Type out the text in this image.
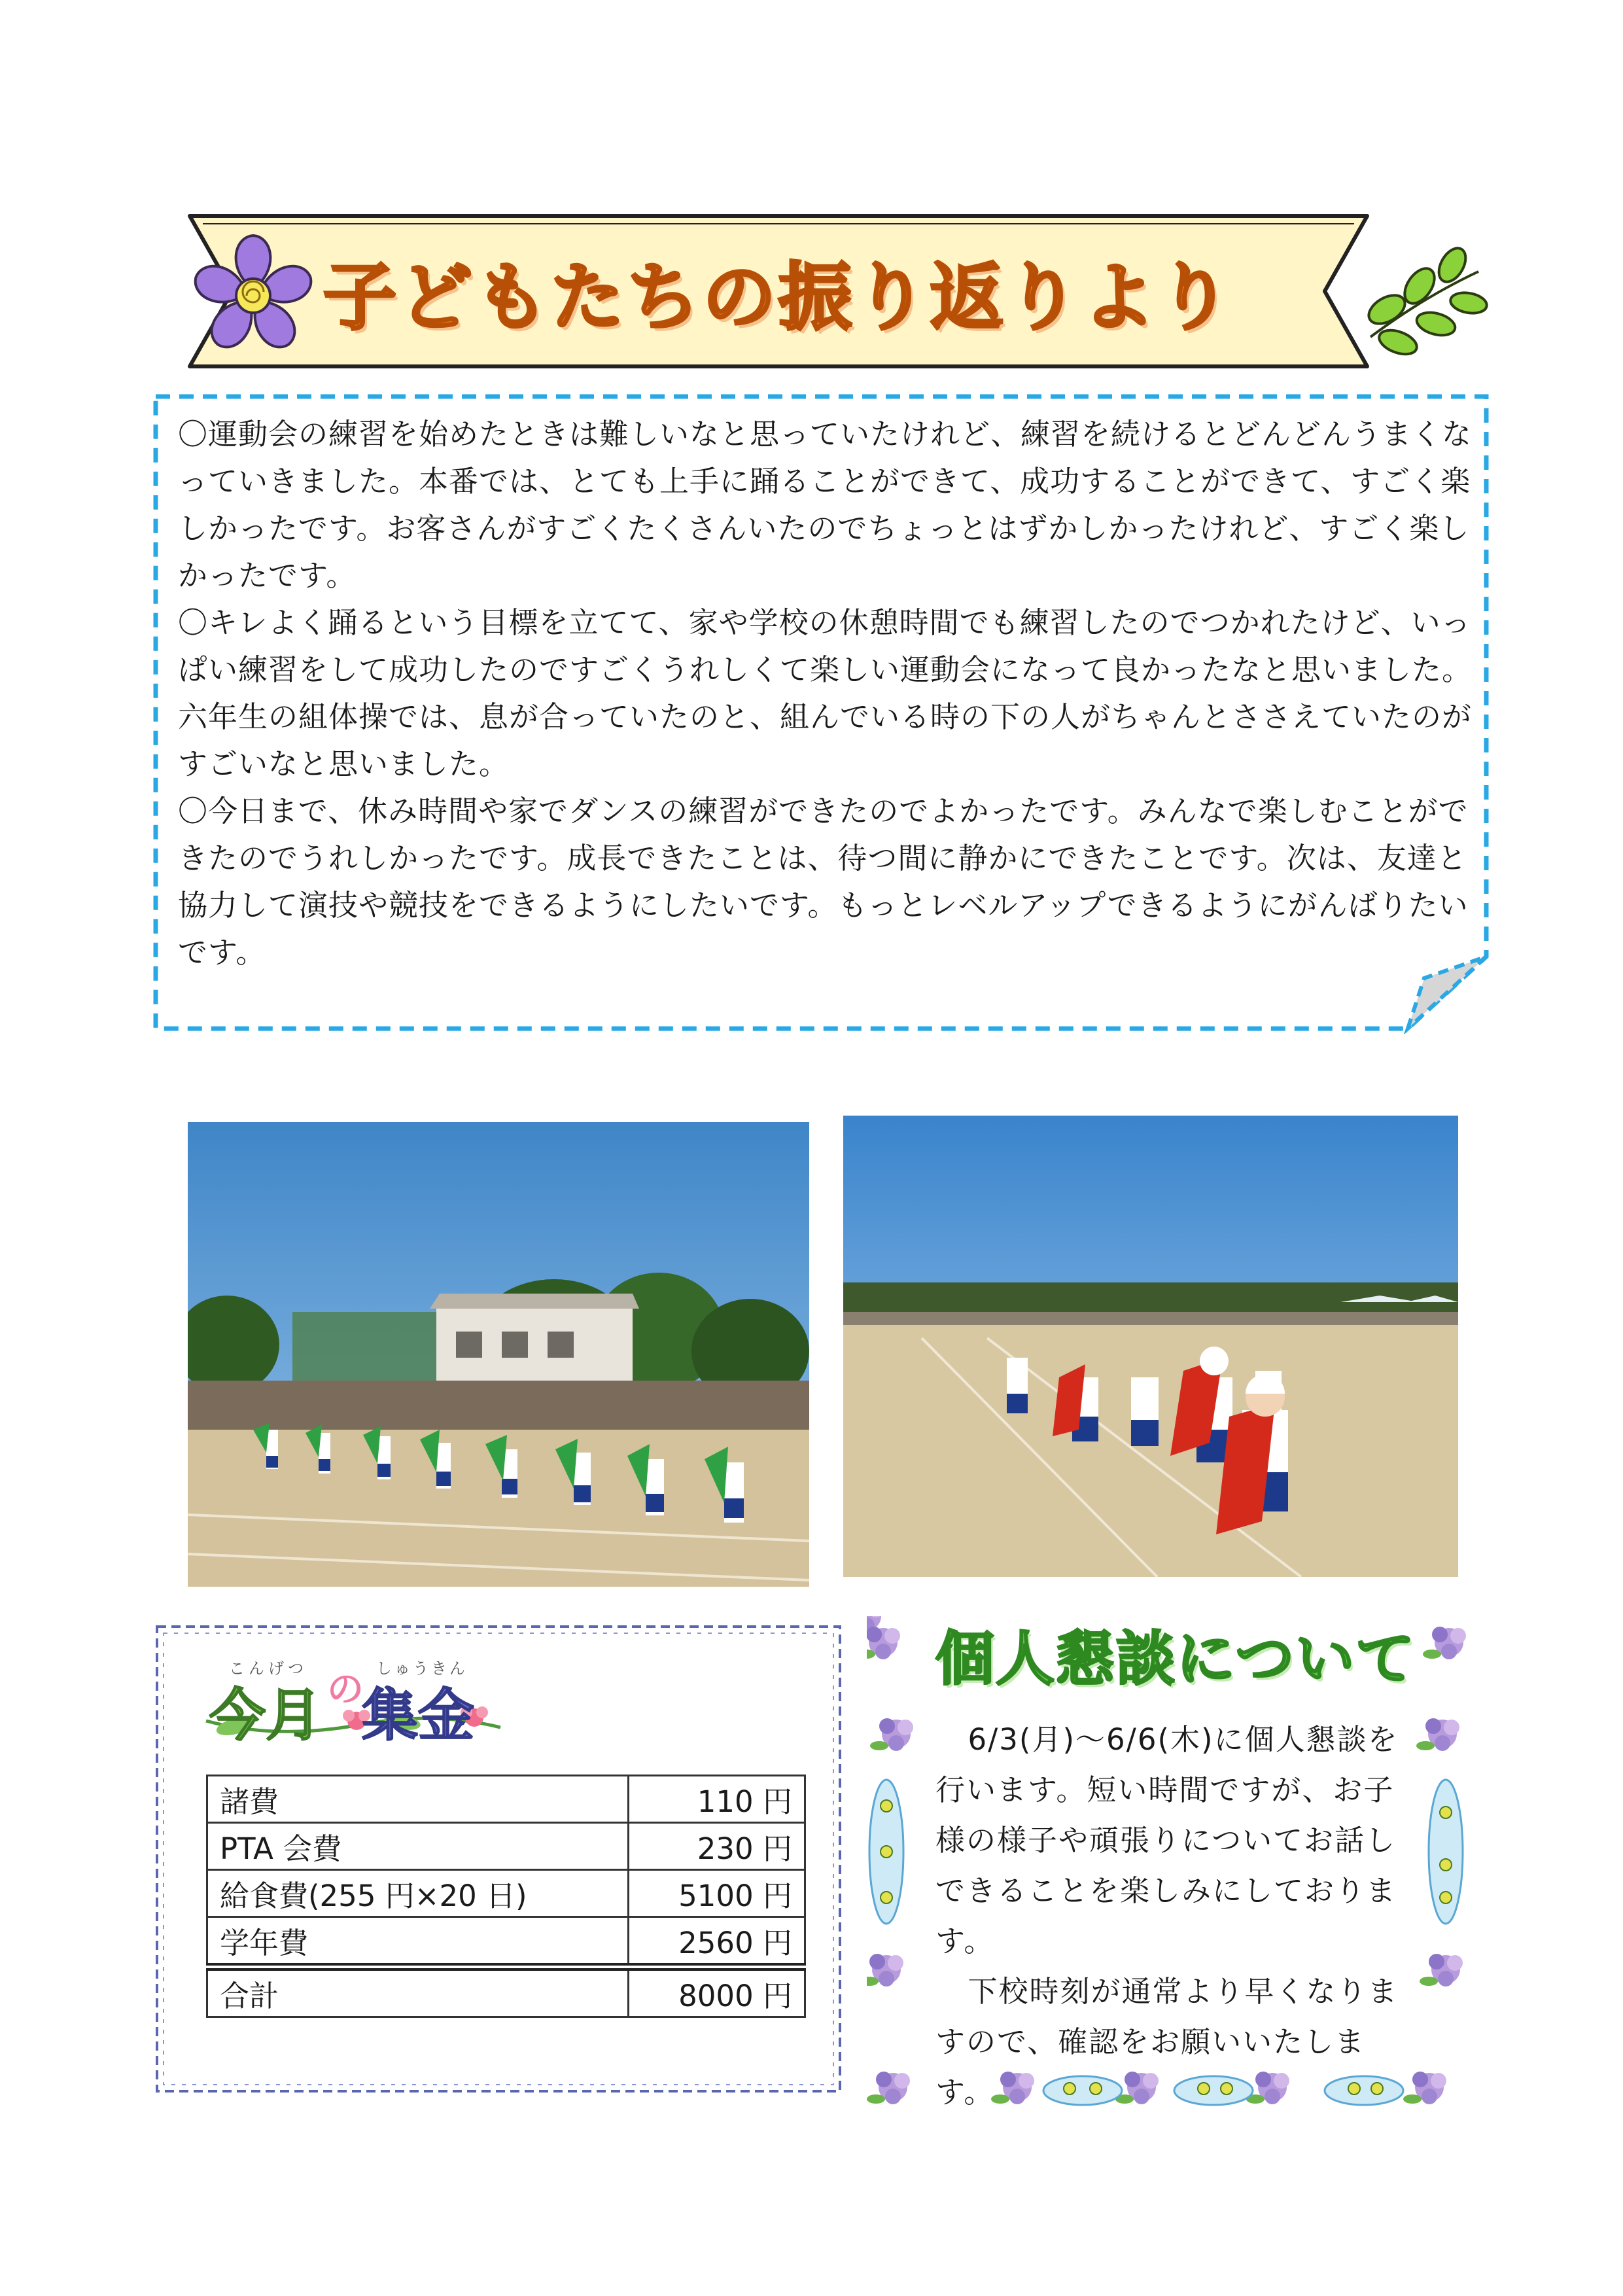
子どもたちの振り返りより

〇運動会の練習を始めたときは難しいなと思っていたけれど、練習を続けるとどんどんうまくなっていきました。本番では、とても上手に踊ることができて、成功することができて、すごく楽しかったです。お客さんがすごくたくさんいたのでちょっとはずかしかったけれど、すごく楽しかったです。

〇キレよく踊るという目標を立てて、家や学校の休憩時間でも練習したのでつかれたけど、いっぱい練習をして成功したのですごくうれしくて楽しい運動会になって良かったなと思いました。六年生の組体操では、息が合っていたのと、組んでいる時の下の人がちゃんとささえていたのがすごいなと思いました。

〇今日まで、休み時間や家でダンスの練習ができたのでよかったです。みんなで楽しむことができたのでうれしかったです。成長できたことは、待つ間に静かにできたことです。次は、友達と協力して演技や競技をできるようにしたいです。もっとレベルアップできるようにがんばりたいです。

こんげつ	しゅうきん
今月 の
集金
諸費	110 円
PTA 会費	230 円
給食費(255 円×20 日)	5100 円
学年費	2560 円
合計	8000 円
個人懇談について

6/3(月)～6/6(木)に個人懇談を行います。短い時間ですが、お子様の様子や頑張りについてお話しできることを楽しみにしております。

下校時刻が通常より早くなりますので、確認をお願いいたします。
